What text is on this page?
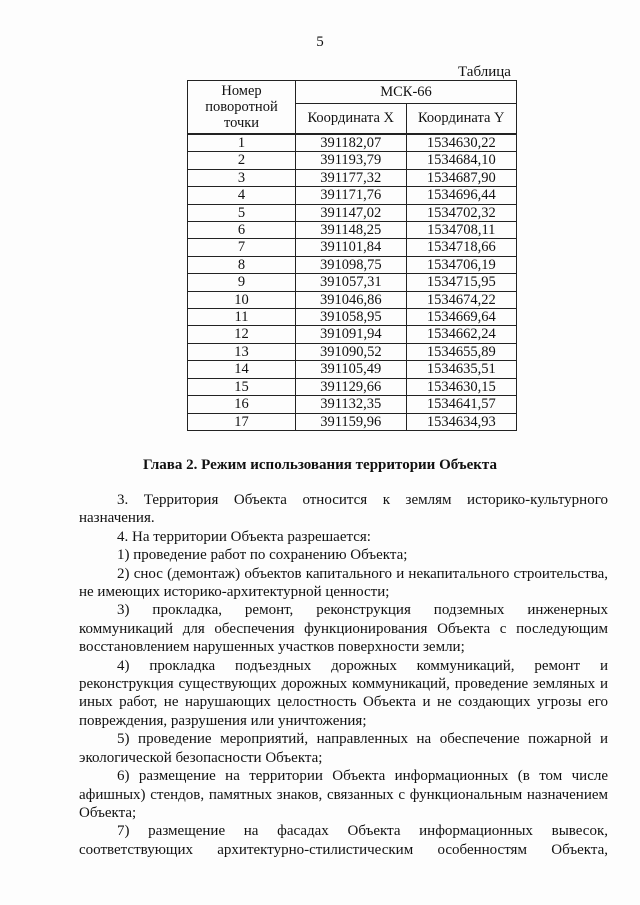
5
Таблица
Номер поворотной точки	МСК-66	
	Координата X	Координата Y
1	391182,07	1534630,22
2	391193,79	1534684,10
3	391177,32	1534687,90
4	391171,76	1534696,44
5	391147,02	1534702,32
6	391148,25	1534708,11
7	391101,84	1534718,66
8	391098,75	1534706,19
9	391057,31	1534715,95
10	391046,86	1534674,22
11	391058,95	1534669,64
12	391091,94	1534662,24
13	391090,52	1534655,89
14	391105,49	1534635,51
15	391129,66	1534630,15
16	391132,35	1534641,57
17	391159,96	1534634,93
Глава 2. Режим использования территории Объекта

3. Территория Объекта относится к землям историко-культурного назначения.

4. На территории Объекта разрешается:

1) проведение работ по сохранению Объекта;

2) снос (демонтаж) объектов капитального и некапитального строительства, не имеющих историко-архитектурной ценности;

3) прокладка, ремонт, реконструкция подземных инженерных коммуникаций для обеспечения функционирования Объекта с последующим восстановлением нарушенных участков поверхности земли;

4) прокладка подъездных дорожных коммуникаций, ремонт и реконструкция существующих дорожных коммуникаций, проведение земляных и иных работ, не нарушающих целостность Объекта и не создающих угрозы его повреждения, разрушения или уничтожения;

5) проведение мероприятий, направленных на обеспечение пожарной и экологической безопасности Объекта;

6) размещение на территории Объекта информационных (в том числе афишных) стендов, памятных знаков, связанных с функциональным назначением Объекта;

7) размещение на фасадах Объекта информационных вывесок, соответствующих архитектурно-стилистическим особенностям Объекта,
